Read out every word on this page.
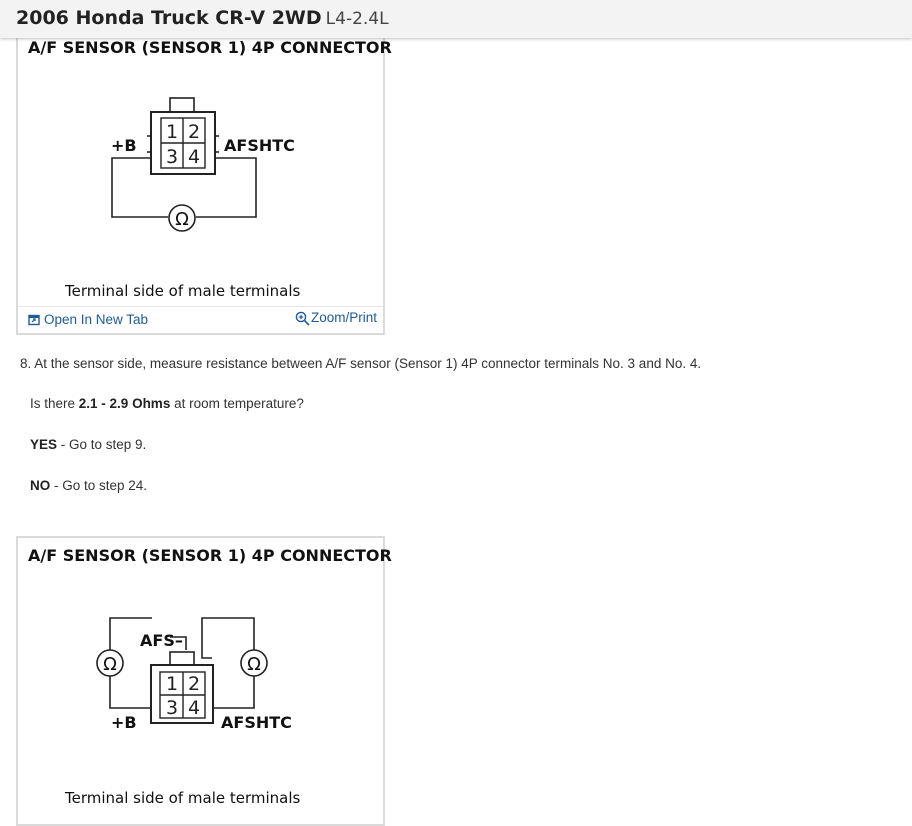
2006 Honda Truck CR-V 2WD L4-2.4L
A/F SENSOR (SENSOR 1) 4P CONNECTOR
1 2
3 4
+B	AFSHTC
Ω
Terminal side of male terminals
Open In New Tab	Zoom/Print
8. At the sensor side, measure resistance between A/F sensor (Sensor 1) 4P connector terminals No. 3 and No. 4.
Is there 2.1 - 2.9 Ohms at room temperature?
YES - Go to step 9.
NO - Go to step 24.
A/F SENSOR (SENSOR 1) 4P CONNECTOR
1 2
3 4
AFS–
+B	AFSHTC
Ω	Ω
Terminal side of male terminals
